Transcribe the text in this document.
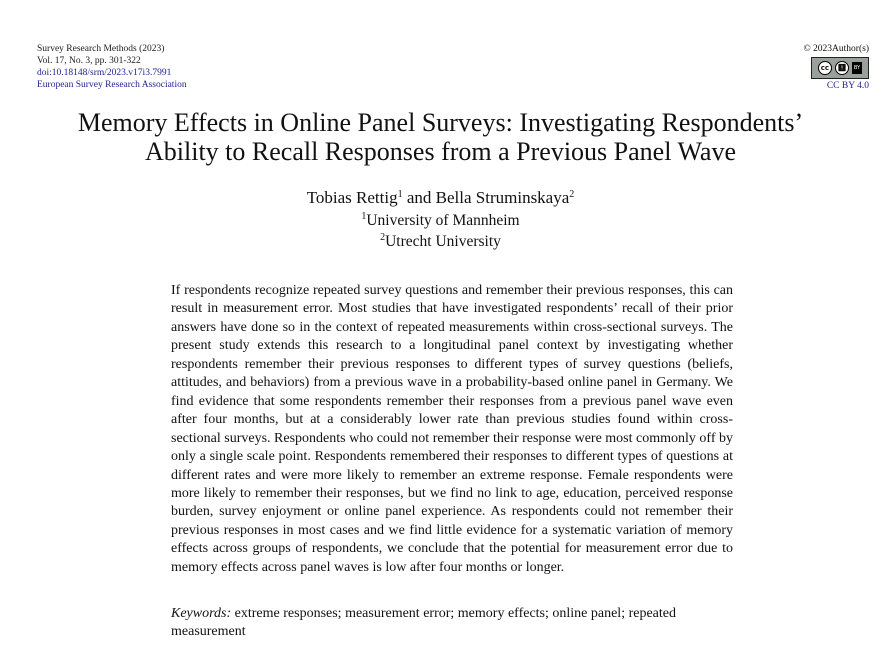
Survey Research Methods (2023)
Vol. 17, No. 3, pp. 301-322
doi:10.18148/srm/2023.v17i3.7991
European Survey Research Association
© 2023Author(s)
cc	🚹︎	BY
CC BY 4.0
Memory Effects in Online Panel Surveys: Investigating Respondents’
Ability to Recall Responses from a Previous Panel Wave
Tobias Rettig$^1$ and Bella Struminskaya$^2$
$^1$University of Mannheim
$^2$Utrecht University

If respondents recognize repeated survey questions and remember their previous responses, this can result in measurement error. Most studies that have investigated respondents’ recall of their prior answers have done so in the context of repeated measurements within cross-sectional surveys. The present study extends this research to a longitudinal panel context by investigating whether respondents remember their previous responses to different types of survey questions (beliefs, attitudes, and behaviors) from a previous wave in a probability-based online panel in Germany. We find evidence that some respondents remember their responses from a previous panel wave even after four months, but at a considerably lower rate than previous studies found within cross-sectional surveys. Respondents who could not remember their response were most commonly off by only a single scale point. Respondents remembered their responses to different types of questions at different rates and were more likely to remember an extreme response. Female respondents were more likely to remember their responses, but we find no link to age, education, perceived response burden, survey enjoyment or online panel experience. As respondents could not remember their previous responses in most cases and we find little evidence for a systematic variation of memory effects across groups of respondents, we conclude that the potential for measurement error due to memory effects across panel waves is low after four months or longer.

Keywords: extreme responses; measurement error; memory effects; online panel; repeated measurement
